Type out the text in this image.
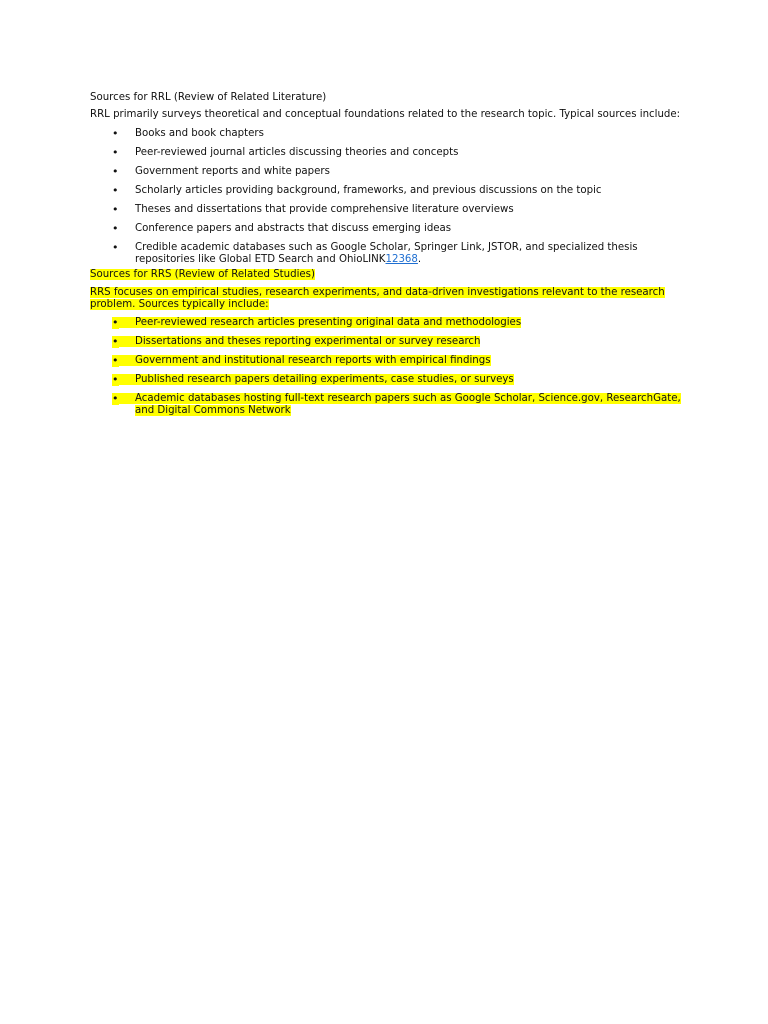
Sources for RRL (Review of Related Literature)

RRL primarily surveys theoretical and conceptual foundations related to the research topic. Typical sources include:

• Books and book chapters
• Peer-reviewed journal articles discussing theories and concepts
• Government reports and white papers
• Scholarly articles providing background, frameworks, and previous discussions on the topic
• Theses and dissertations that provide comprehensive literature overviews
• Conference papers and abstracts that discuss emerging ideas
• Credible academic databases such as Google Scholar, Springer Link, JSTOR, and specialized thesis repositories like Global ETD Search and OhioLINK12368.

Sources for RRS (Review of Related Studies)

RRS focuses on empirical studies, research experiments, and data-driven investigations relevant to the research problem. Sources typically include:

• Peer-reviewed research articles presenting original data and methodologies
• Dissertations and theses reporting experimental or survey research
• Government and institutional research reports with empirical findings
• Published research papers detailing experiments, case studies, or surveys
• Academic databases hosting full-text research papers such as Google Scholar, Science.gov, ResearchGate, and Digital Commons Network
